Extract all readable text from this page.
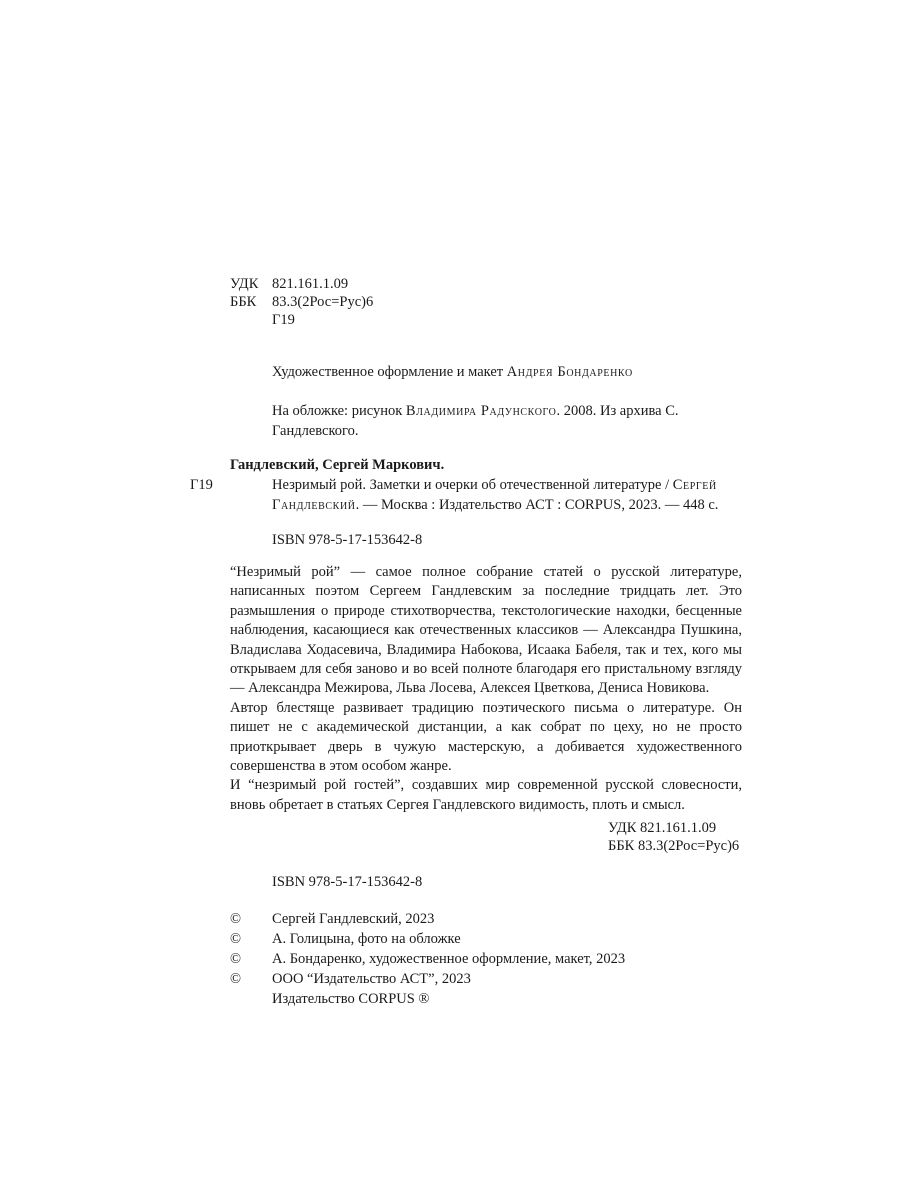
УДК 821.161.1.09
ББК	83.3(2Рос=Рус)6
Г19
Художественное оформление и макет Андрея Бондаренко
На обложке: рисунок Владимира Радунского. 2008. Из архива С. Гандлевского.
Гандлевский, Сергей Маркович.
Г19	Незримый рой. Заметки и очерки об отечественной литературе / Сергей Гандлевский. — Москва : Издательство АСТ : CORPUS, 2023. — 448 с.
ISBN 978-5-17-153642-8

“Незримый рой” — самое полное собрание статей о русской литературе, написанных поэтом Сергеем Гандлевским за последние тридцать лет. Это размышления о природе стихотворчества, текстологические находки, бесценные наблюдения, касающиеся как отечественных классиков — Александра Пушкина, Владислава Ходасевича, Владимира Набокова, Исаака Бабеля, так и тех, кого мы открываем для себя заново и во всей полноте благодаря его пристальному взгляду — Александра Межирова, Льва Лосева, Алексея Цветкова, Дениса Новикова.

Автор блестяще развивает традицию поэтического письма о литературе. Он пишет не с академической дистанции, а как собрат по цеху, но не просто приоткрывает дверь в чужую мастерскую, а добивается художественного совершенства в этом особом жанре.

И “незримый рой гостей”, создавших мир современной русской словесности, вновь обретает в статьях Сергея Гандлевского видимость, плоть и смысл.

УДК 821.161.1.09
ББК 83.3(2Рос=Рус)6
ISBN 978-5-17-153642-8
©	Сергей Гандлевский, 2023
©	А. Голицына, фото на обложке
©	А. Бондаренко, художественное оформление, макет, 2023
©	ООО “Издательство АСТ”, 2023
Издательство CORPUS ®
